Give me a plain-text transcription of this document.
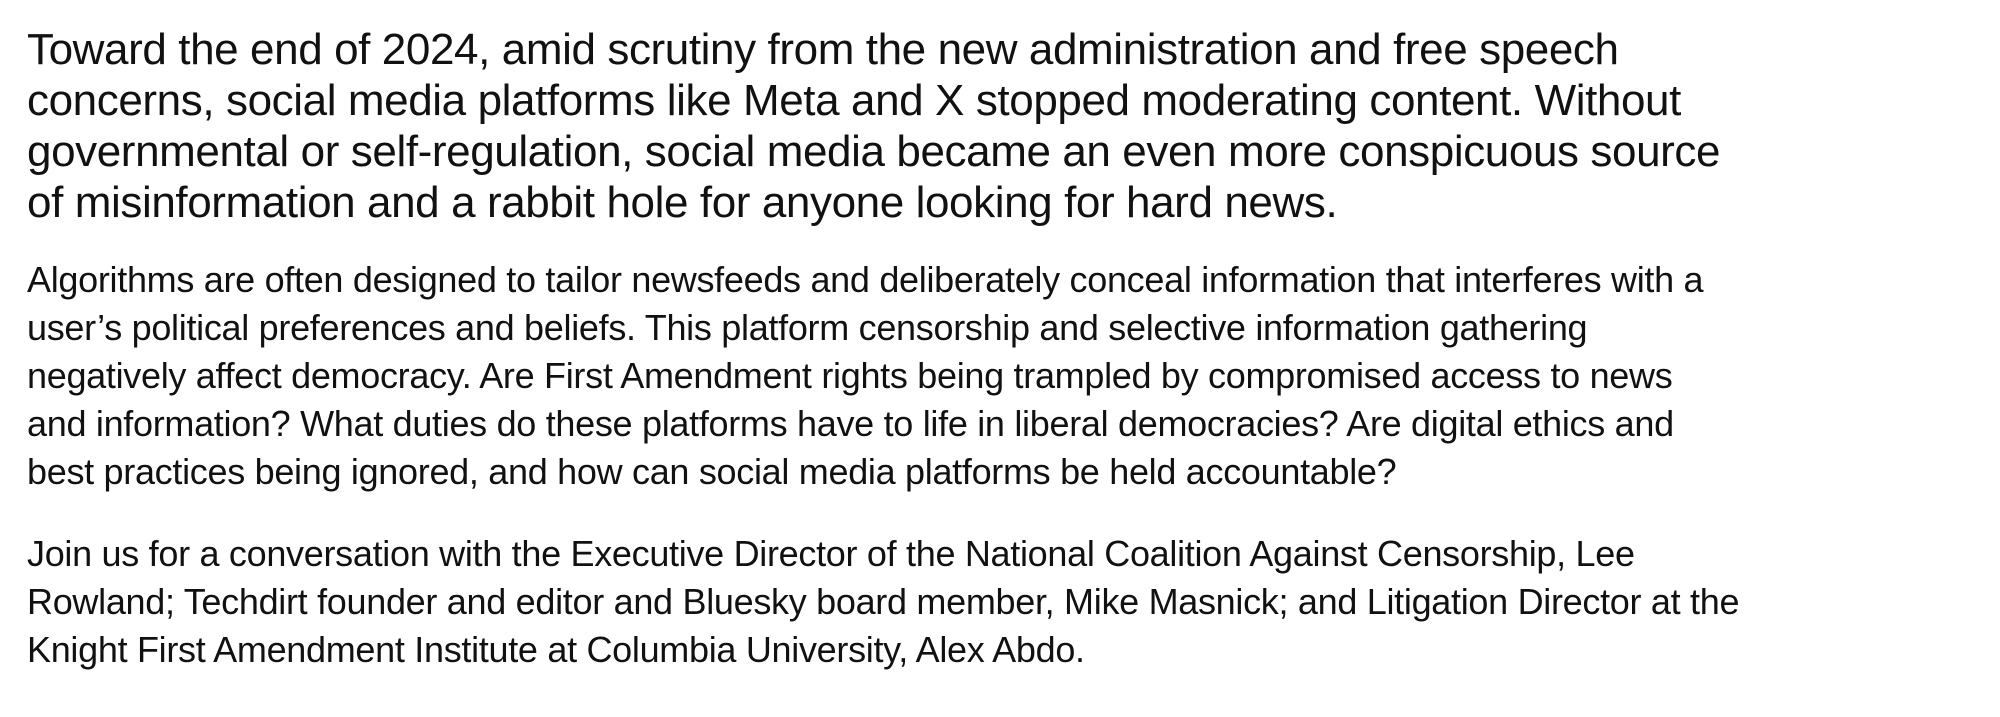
Toward the end of 2024, amid scrutiny from the new administration and free speech
concerns, social media platforms like Meta and X stopped moderating content. Without
governmental or self-regulation, social media became an even more conspicuous source
of misinformation and a rabbit hole for anyone looking for hard news.

Algorithms are often designed to tailor newsfeeds and deliberately conceal information that interferes with a
user’s political preferences and beliefs. This platform censorship and selective information gathering
negatively affect democracy. Are First Amendment rights being trampled by compromised access to news
and information? What duties do these platforms have to life in liberal democracies? Are digital ethics and
best practices being ignored, and how can social media platforms be held accountable?

Join us for a conversation with the Executive Director of the National Coalition Against Censorship, Lee
Rowland; Techdirt founder and editor and Bluesky board member, Mike Masnick; and Litigation Director at the
Knight First Amendment Institute at Columbia University, Alex Abdo.
